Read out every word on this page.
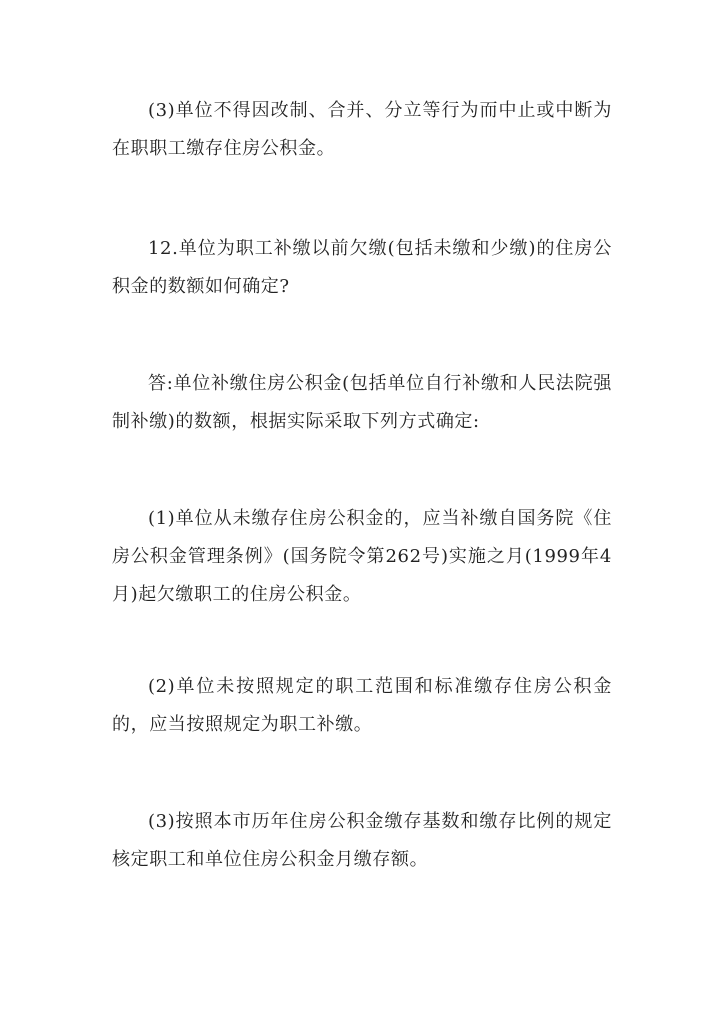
(3)单位不得因改制、合并、分立等行为而中止或中断为在职职工缴存住房公积金。

12.单位为职工补缴以前欠缴(包括未缴和少缴)的住房公积金的数额如何确定?

答:单位补缴住房公积金(包括单位自行补缴和人民法院强制补缴)的数额，根据实际采取下列方式确定:

(1)单位从未缴存住房公积金的，应当补缴自国务院《住房公积金管理条例》(国务院令第262号)实施之月(1999年4月)起欠缴职工的住房公积金。

(2)单位未按照规定的职工范围和标准缴存住房公积金的，应当按照规定为职工补缴。

(3)按照本市历年住房公积金缴存基数和缴存比例的规定核定职工和单位住房公积金月缴存额。
